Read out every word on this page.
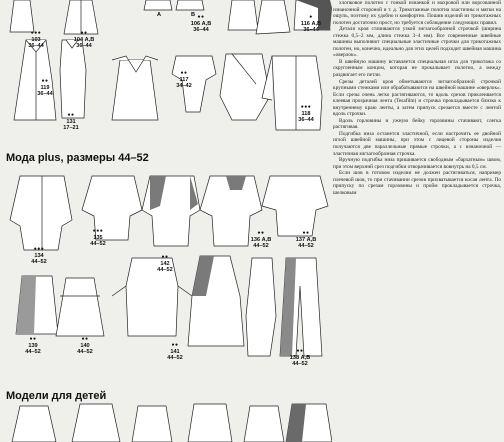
●●●
103
36–44
●●
104 А,В
36–44
A	B ●●
106 А,В
36–44
●
116 А,В
36–44
●●
119
36–44
●●
117
34–42
●●
131
17–21
●●●
118
36–44
Мода plus, размеры 44–52
●●●
135
44–52
●●
136 А,В
44–52
●●
137 А,В
44–52
●●●
134
44–52
●●
142
44–52
●●
139
44–52
●●
140
44–52
●●
141
44–52
●●
138 А,В
44–52
Модели для детей

хлопковое полотно с тонкой изнанкой и махровой или ворсованной изнаночной стороной и т. д. Трикотажные полотна эластичны и мягки на ощупь, поэтому их удобно и комфортно. Пошив изделий из трикотажных полотен достаточно прост, но требуется соблюдение следующих правил.

Детали кроя стачиваются узкой зигзагообразной строчкой (ширина стежка 0,5–2 мм, длина стежка 3–4 мм). Все современные швейные машины выполняют специальные эластичные строчки для трикотажных полотен, но, конечно, идеально для этих целей подходит швейная машина «оверлок».

В швейную машину вставляется специальная игла для трикотажа со скругленным концом, которая не прокалывает полотно, а между раздвигает его петли.

Срезы деталей кроя обметываются зигзагообразной строчкой крупными стежками или обрабатываются на швейной машине «оверлок». Если срезы очень легко растягиваются, то вдоль срезов приклеивается клеевая прозрачная лента (Tesafilm) и строчка прокладывается близко к внутреннему краю ленты, а затем припуск срезается вместе с лентой вдоль строчки.

Вдоль горловины и ужную бейку горловины стачивают, слегка растягивая.

Подгибка низа останется эластичной, если настрочить ее двойной иглой швейной машины, при этом с лицевой стороны изделия получаются две параллельные прямые строчки, а с изнаночной — эластичная зигзагообразная строчка.

Вручную подгибка низа пришивается свободным «бархатным» швом, при этом верхний срез подгибки отворачивается вовнутрь на 0,5 см.

Если шов в готовом изделии не должен растягиваться, например плечевой шов, то при стачивании срезов прихватывается косая лента. По припуску по срезам горловины и пройм прокладывается строчка, шелковым
